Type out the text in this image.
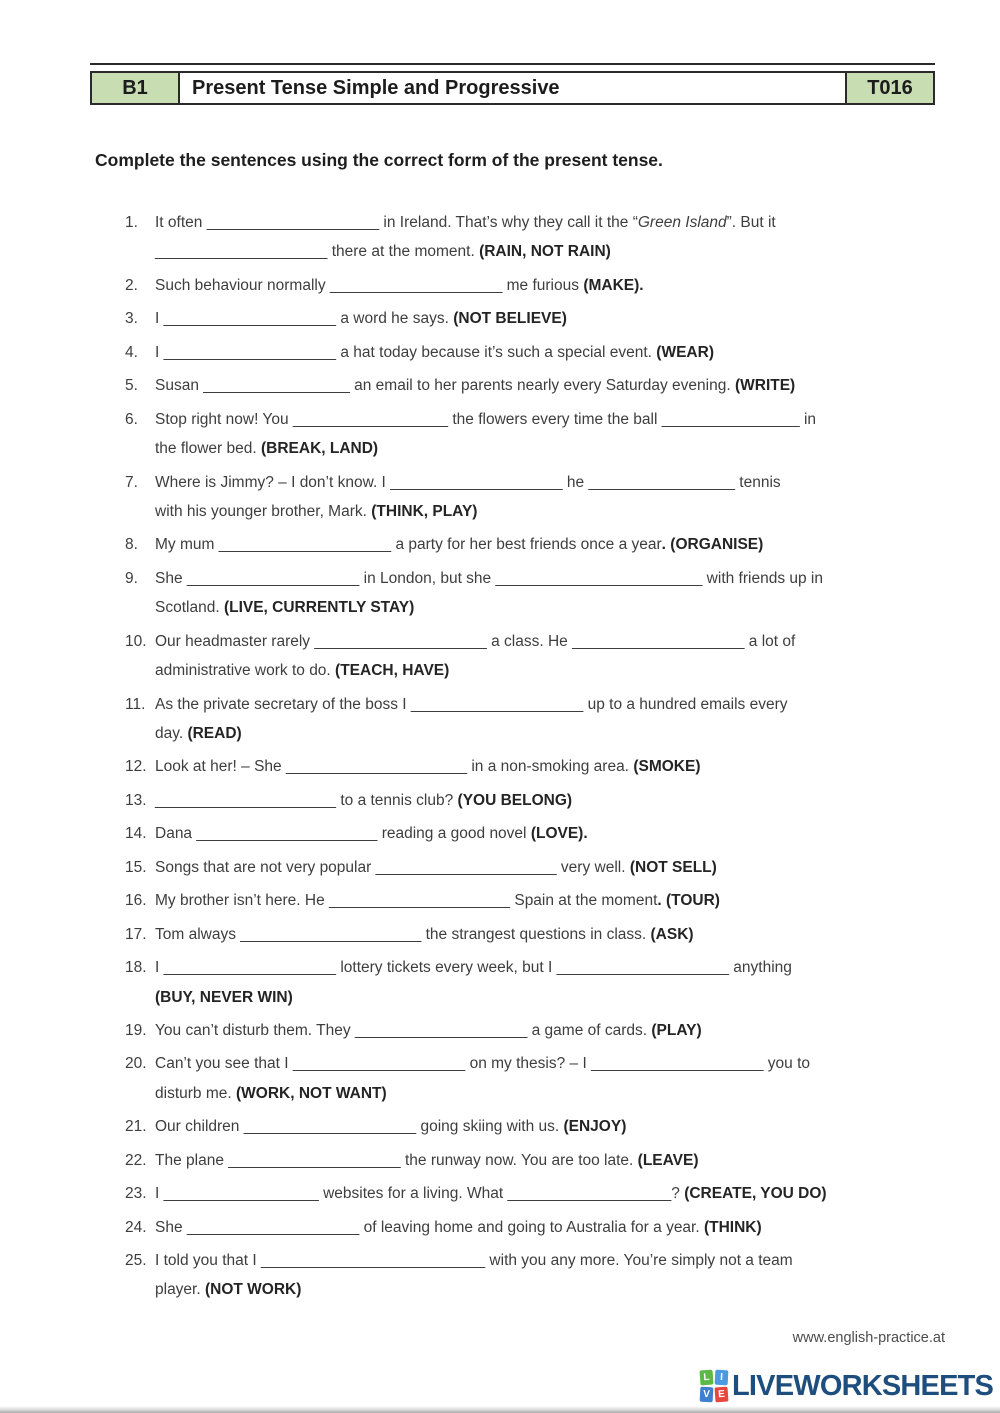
B1	Present Tense Simple and Progressive	T016
Complete the sentences using the correct form of the present tense.
1.	It often ____________________ in Ireland. That’s why they call it the “Green Island”. But it
____________________ there at the moment. (RAIN, NOT RAIN)
2.	Such behaviour normally ____________________ me furious (MAKE).
3.	I ____________________ a word he says. (NOT BELIEVE)
4.	I ____________________ a hat today because it’s such a special event. (WEAR)
5.	Susan _________________ an email to her parents nearly every Saturday evening. (WRITE)
6.	Stop right now! You __________________ the flowers every time the ball ________________ in
the flower bed. (BREAK, LAND)
7.	Where is Jimmy? – I don’t know. I ____________________ he _________________ tennis
with his younger brother, Mark. (THINK, PLAY)
8.	My mum ____________________ a party for her best friends once a year. (ORGANISE)
9.	She ____________________ in London, but she ________________________ with friends up in
Scotland. (LIVE, CURRENTLY STAY)
10. Our headmaster rarely ____________________ a class. He ____________________ a lot of
administrative work to do. (TEACH, HAVE)
11. As the private secretary of the boss I ____________________ up to a hundred emails every
day. (READ)
12. Look at her! – She _____________________ in a non-smoking area. (SMOKE)
13. _____________________ to a tennis club? (YOU BELONG)
14. Dana _____________________ reading a good novel (LOVE).
15. Songs that are not very popular _____________________ very well. (NOT SELL)
16. My brother isn’t here. He _____________________ Spain at the moment. (TOUR)
17. Tom always _____________________ the strangest questions in class. (ASK)
18. I ____________________ lottery tickets every week, but I ____________________ anything
(BUY, NEVER WIN)
19. You can’t disturb them. They ____________________ a game of cards. (PLAY)
20. Can’t you see that I ____________________ on my thesis? – I ____________________ you to
disturb me. (WORK, NOT WANT)
21. Our children ____________________ going skiing with us. (ENJOY)
22. The plane ____________________ the runway now. You are too late. (LEAVE)
23. I __________________ websites for a living. What ___________________? (CREATE, YOU DO)
24. She ____________________ of leaving home and going to Australia for a year. (THINK)
25. I told you that I __________________________ with you any more. You’re simply not a team
player. (NOT WORK)
www.english-practice.at
L I
V E LIVEWORKSHEETS
